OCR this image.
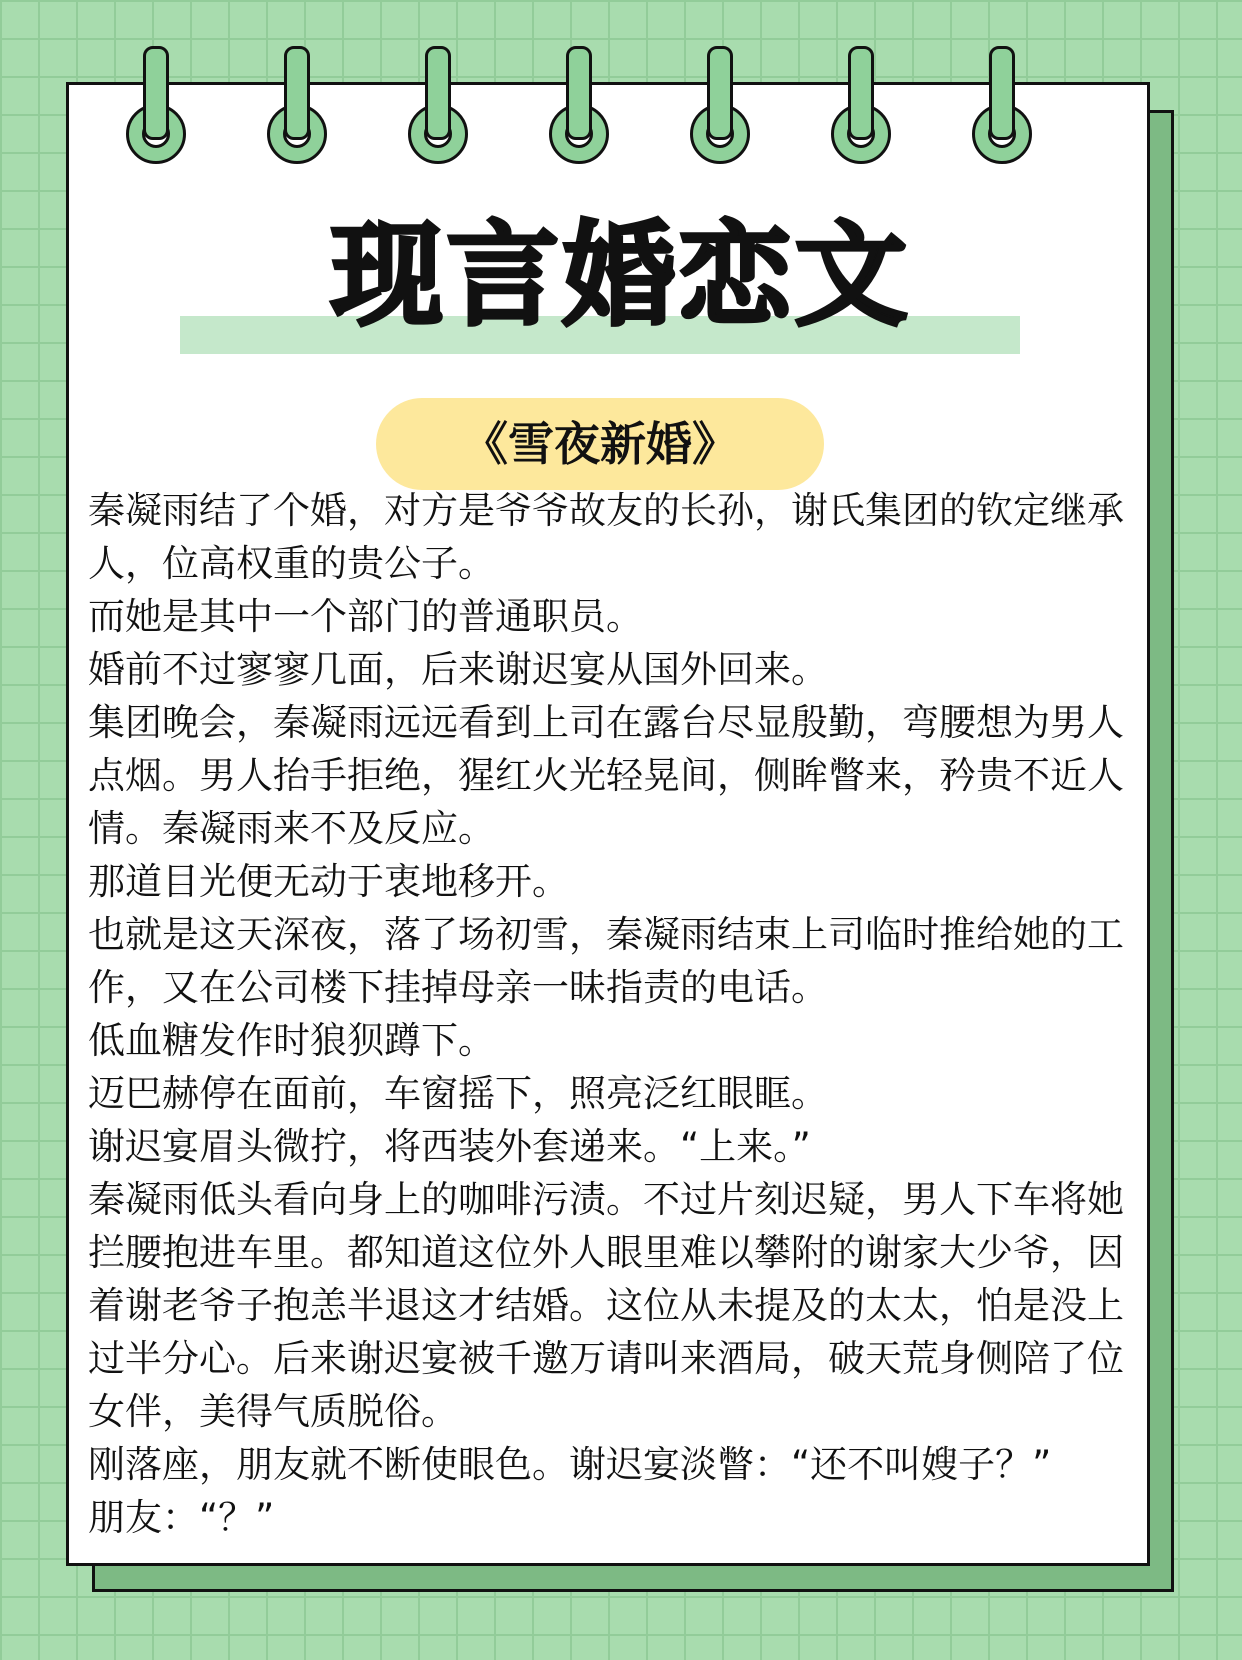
现言婚恋文
《雪夜新婚》

秦凝雨结了个婚，对方是爷爷故友的长孙，谢氏集团的钦定继承人，位高权重的贵公子。

而她是其中一个部门的普通职员。

婚前不过寥寥几面，后来谢迟宴从国外回来。

集团晚会，秦凝雨远远看到上司在露台尽显殷勤，弯腰想为男人点烟。男人抬手拒绝，猩红火光轻晃间，侧眸瞥来，矜贵不近人情。秦凝雨来不及反应。

那道目光便无动于衷地移开。

也就是这天深夜，落了场初雪，秦凝雨结束上司临时推给她的工作，又在公司楼下挂掉母亲一昧指责的电话。

低血糖发作时狼狈蹲下。

迈巴赫停在面前，车窗摇下，照亮泛红眼眶。

谢迟宴眉头微拧，将西装外套递来。“上来。”

秦凝雨低头看向身上的咖啡污渍。不过片刻迟疑，男人下车将她拦腰抱进车里。都知道这位外人眼里难以攀附的谢家大少爷，因着谢老爷子抱恙半退这才结婚。这位从未提及的太太，怕是没上过半分心。后来谢迟宴被千邀万请叫来酒局，破天荒身侧陪了位女伴，美得气质脱俗。

刚落座，朋友就不断使眼色。谢迟宴淡瞥：“还不叫嫂子？”

朋友：“？”
